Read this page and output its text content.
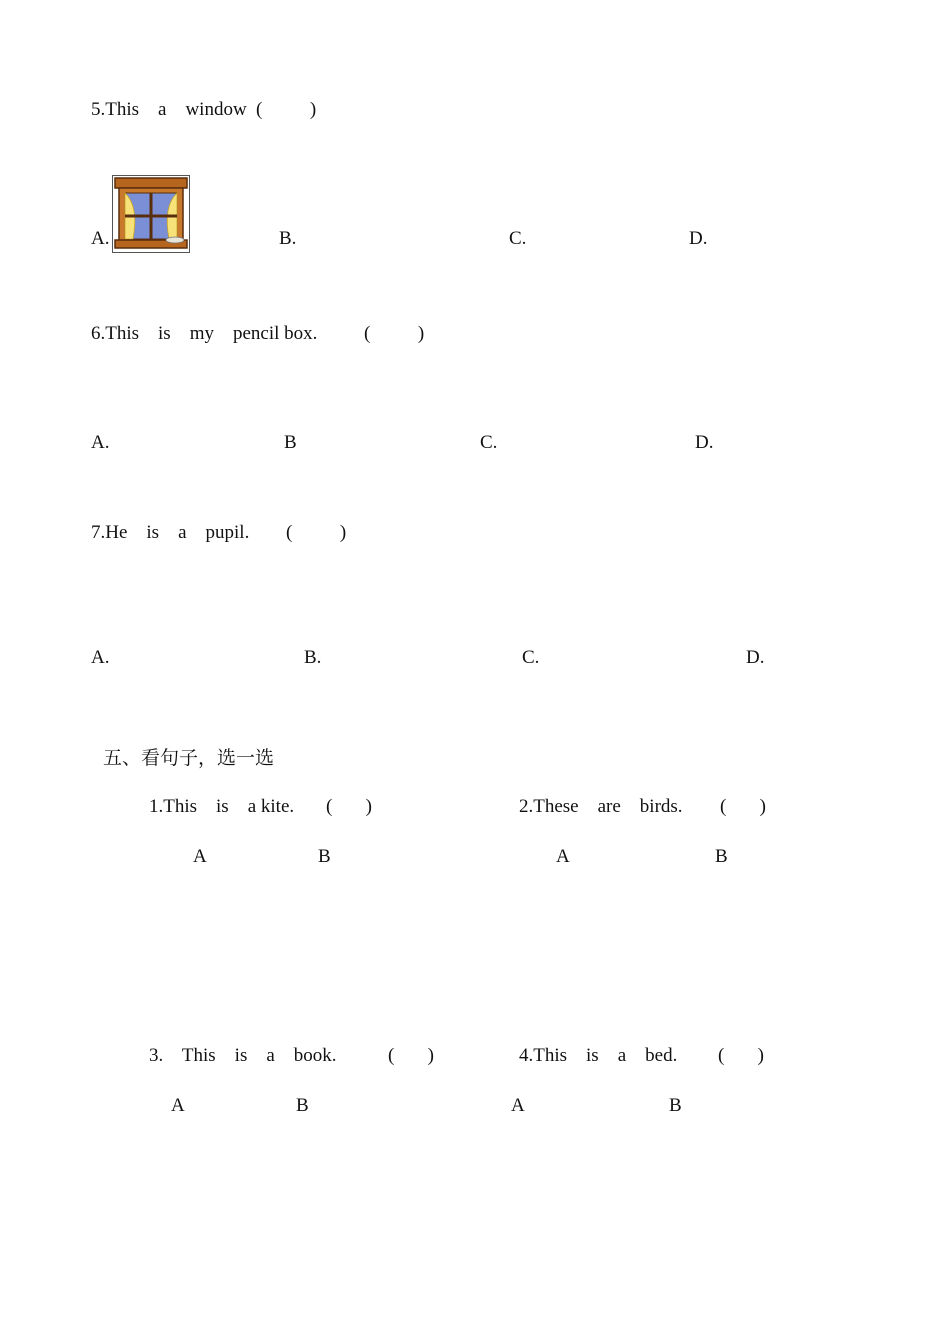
5.This    a    window (          )
A.	B.	C.	D.
6.This    is    my    pencil box. (          )
A.	B	C.	D.
7.He    is    a    pupil. (          )
A.	B.	C.	D.
五、看句子，选一选
1.This    is    a kite. (       )
A	B
2.These    are    birds. (       )
A	B
3.    This    is    a    book.	(       )
A	B
4.This    is    a    bed. (       )
A	B
